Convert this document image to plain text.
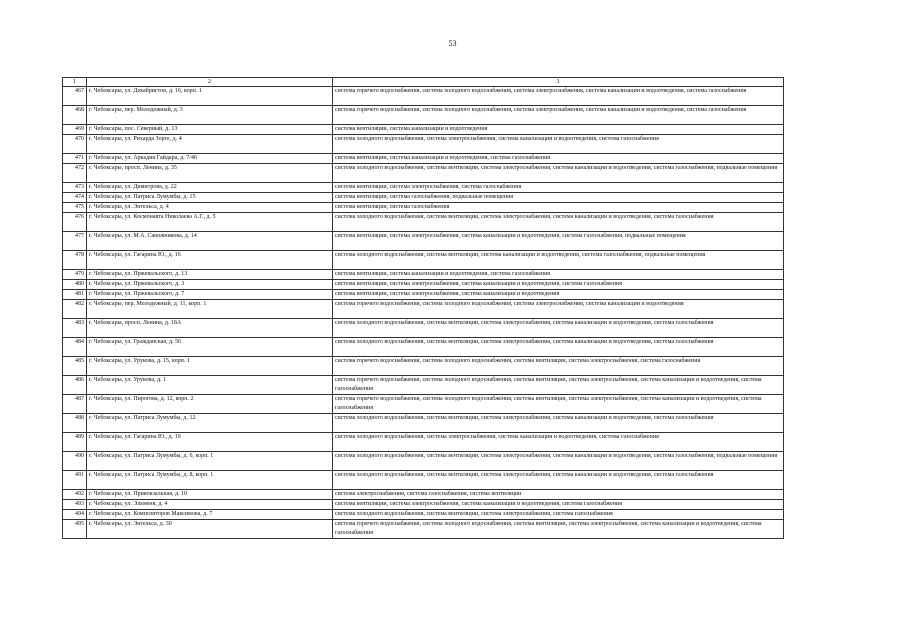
53
1	2	3
467	г. Чебоксары, ул. Декабристов, д. 16, корп. 1	система горячего водоснабжения, система холодного водоснабжения, система электроснабжения, система канализации и водоотведения, система газоснабжения
468	г. Чебоксары, пер. Молодежный, д. 3	система горячего водоснабжения, система холодного водоснабжения, система электроснабжения, система канализации и водоотведения, система газоснабжения
469	г. Чебоксары, пос. Северный, д. 13	система вентиляции, система канализации и водоотведения
470	г. Чебоксары, ул. Рихарда Зорге, д. 4	система холодного водоснабжения, система электроснабжения, система канализации и водоотведения, система газоснабжения
471	г. Чебоксары, ул. Аркадия Гайдара, д. 7/46	система вентиляции, система канализации и водоотведения, система газоснабжения
472	г. Чебоксары, просп. Ленина, д. 35	система холодного водоснабжения, система вентиляции, система электроснабжения, система канализации и водоотведения, система газоснабжения, подвальные помещения
473	г. Чебоксары, ул. Димитрова, д. 22	система вентиляции, система электроснабжения, система газоснабжения
474	г. Чебоксары, ул. Патриса Лумумбы, д. 15	система вентиляции, система газоснабжения, подвальные помещения
475	г. Чебоксары, ул. Энгельса, д. 4	система вентиляции, система газоснабжения
476	г. Чебоксары, ул. Космонавта Николаева А.Г., д. 5	система холодного водоснабжения, система вентиляции, система электроснабжения, система канализации и водоотведения, система газоснабжения
477	г. Чебоксары, ул. М.А. Сапожникова, д. 14	система вентиляции, система электроснабжения, система канализации и водоотведения, система газоснабжения, подвальные помещения
478	г. Чебоксары, ул. Гагарина Ю., д. 16	система холодного водоснабжения, система вентиляции, система канализации и водоотведения, система газоснабжения, подвальные помещения
479	г. Чебоксары, ул. Пржевальского, д. 13	система вентиляции, система канализации и водоотведения, система газоснабжения
480	г. Чебоксары, ул. Пржевальского, д. 3	система вентиляции, система электроснабжения, система канализации и водоотведения, система газоснабжения
481	г. Чебоксары, ул. Пржевальского, д. 7	система вентиляции, система электроснабжения, система канализации и водоотведения
482	г. Чебоксары, пер. Молодежный, д. 11, корп. 1	система горячего водоснабжения, система холодного водоснабжения, система электроснабжения, система канализации и водоотведения
483	г. Чебоксары, просп. Ленина, д. 18А	система холодного водоснабжения, система вентиляции, система электроснабжения, система канализации и водоотведения, система газоснабжения
484	г. Чебоксары, ул. Гражданская, д. 56	система холодного водоснабжения, система вентиляции, система электроснабжения, система канализации и водоотведения, система газоснабжения
485	г. Чебоксары, ул. Урукова, д. 15, корп. 1	система горячего водоснабжения, система холодного водоснабжения, система вентиляции, система электроснабжения, система газоснабжения
486	г. Чебоксары, ул. Урукова, д. 1	система горячего водоснабжения, система холодного водоснабжения, система вентиляции, система электроснабжения, система канализации и водоотведения, система газоснабжения
487	г. Чебоксары, ул. Пирогова, д. 12, корп. 2	система горячего водоснабжения, система холодного водоснабжения, система вентиляции, система электроснабжения, система канализации и водоотведения, система газоснабжения
488	г. Чебоксары, ул. Патриса Лумумбы, д. 12	система холодного водоснабжения, система вентиляции, система электроснабжения, система канализации и водоотведения, система газоснабжения
489	г. Чебоксары, ул. Гагарина Ю., д. 19	система холодного водоснабжения, система электроснабжения, система канализации и водоотведения, система газоснабжения
490	г. Чебоксары, ул. Патриса Лумумбы, д. 6, корп. 1	система холодного водоснабжения, система вентиляции, система электроснабжения, система канализации и водоотведения, система газоснабжения, подвальные помещения
491	г. Чебоксары, ул. Патриса Лумумбы, д. 8, корп. 1	система холодного водоснабжения, система вентиляции, система электроснабжения, система канализации и водоотведения, система газоснабжения
492	г. Чебоксары, ул. Привокзальная, д. 10	система электроснабжения, система газоснабжения, система вентиляции
493	г. Чебоксары, ул. Эльменя, д. 4	система вентиляции, система электроснабжения, система канализации и водоотведения, система газоснабжения
494	г. Чебоксары, ул. Композиторов Максимова, д. 7	система холодного водоснабжения, система вентиляции, система электроснабжения, система газоснабжения
495	г. Чебоксары, ул. Энгельса, д. 30	система горячего водоснабжения, система холодного водоснабжения, система вентиляции, система электроснабжения, система канализации и водоотведения, система газоснабжения
